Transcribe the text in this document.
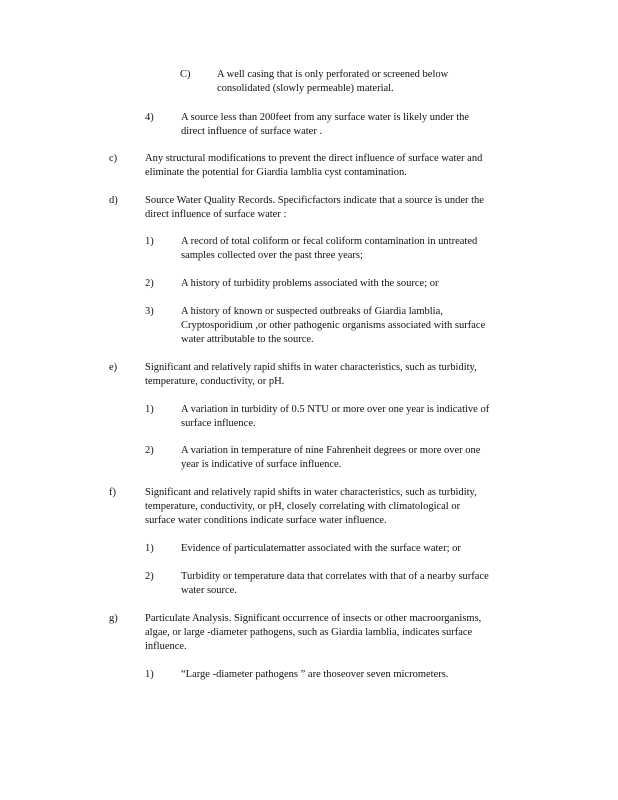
C)	A well casing that is only perforated or screened below
consolidated (slowly permeable) material.
4)	A source less than 200feet from any surface water is likely under the
direct influence of surface water .
c)	Any structural modifications to prevent the direct influence of surface water and
eliminate the potential for Giardia lamblia cyst contamination.
d)	Source Water Quality Records. Specificfactors indicate that a source is under the
direct influence of surface water :
1)	A record of total coliform or fecal coliform contamination in untreated
samples collected over the past three years;
2)	A history of turbidity problems associated with the source; or
3)	A history of known or suspected outbreaks of Giardia lamblia,
Cryptosporidium ,or other pathogenic organisms associated with surface
water attributable to the source.
e)	Significant and relatively rapid shifts in water characteristics, such as turbidity,
temperature, conductivity, or pH.
1)	A variation in turbidity of 0.5 NTU or more over one year is indicative of
surface influence.
2)	A variation in temperature of nine Fahrenheit degrees or more over one
year is indicative of surface influence.
f)	Significant and relatively rapid shifts in water characteristics, such as turbidity,
temperature, conductivity, or pH, closely correlating with climatological or
surface water conditions indicate surface water influence.
1)	Evidence of particulatematter associated with the surface water; or
2)	Turbidity or temperature data that correlates with that of a nearby surface
water source.
g)	Particulate Analysis. Significant occurrence of insects or other macroorganisms,
algae, or large -diameter pathogens, such as Giardia lamblia, indicates surface
influence.
1)	“Large -diameter pathogens ” are thoseover seven micrometers.
